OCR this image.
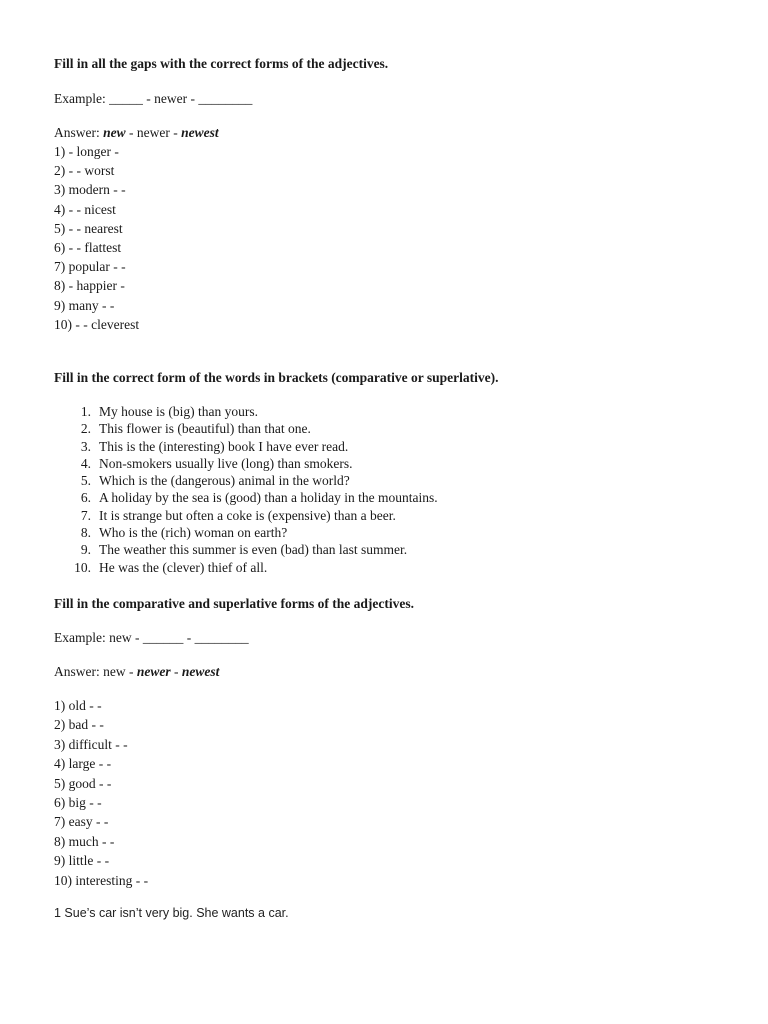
Fill in all the gaps with the correct forms of the adjectives.
Example: _____ - newer - ________
Answer: new - newer - newest
1) - longer -
2) - - worst
3) modern - -
4) - - nicest
5) - - nearest
6) - - flattest
7) popular - -
8) - happier -
9) many - -
10) - - cleverest
Fill in the correct form of the words in brackets (comparative or superlative).
1. My house is (big) than yours.
2. This flower is (beautiful) than that one.
3. This is the (interesting) book I have ever read.
4. Non-smokers usually live (long) than smokers.
5. Which is the (dangerous) animal in the world?
6. A holiday by the sea is (good) than a holiday in the mountains.
7. It is strange but often a coke is (expensive) than a beer.
8. Who is the (rich) woman on earth?
9. The weather this summer is even (bad) than last summer.
10. He was the (clever) thief of all.
Fill in the comparative and superlative forms of the adjectives.
Example: new - ______ - ________
Answer: new - newer - newest
1) old - -
2) bad - -
3) difficult - -
4) large - -
5) good - -
6) big - -
7) easy - -
8) much - -
9) little - -
10) interesting - -
1 Sue’s car isn’t very big. She wants a car.
